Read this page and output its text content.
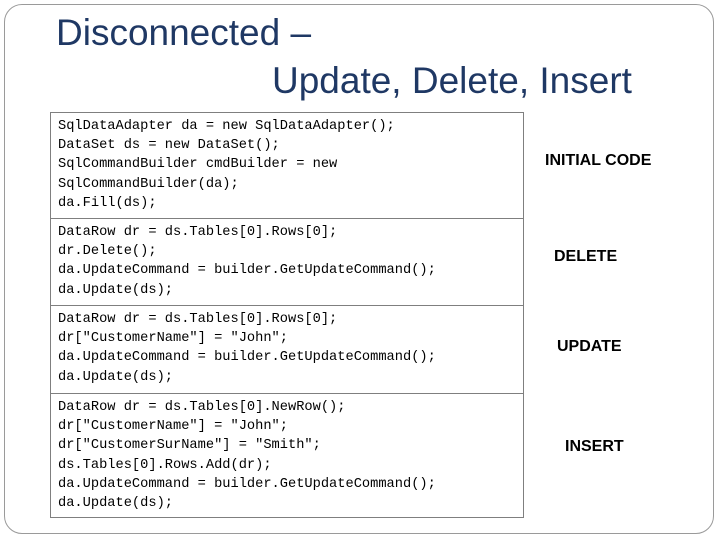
Disconnected –
Update, Delete, Insert
SqlDataAdapter da = new SqlDataAdapter();
DataSet ds = new DataSet();
SqlCommandBuilder cmdBuilder = new
SqlCommandBuilder(da);
da.Fill(ds);
INITIAL CODE
DataRow dr = ds.Tables[0].Rows[0];
dr.Delete();
da.UpdateCommand = builder.GetUpdateCommand();
da.Update(ds);
DELETE
DataRow dr = ds.Tables[0].Rows[0];
dr["CustomerName"] = "John";
da.UpdateCommand = builder.GetUpdateCommand();
da.Update(ds);
UPDATE
DataRow dr = ds.Tables[0].NewRow();
dr["CustomerName"] = "John";
dr["CustomerSurName"] = "Smith";
ds.Tables[0].Rows.Add(dr);
da.UpdateCommand = builder.GetUpdateCommand();
da.Update(ds);
INSERT
